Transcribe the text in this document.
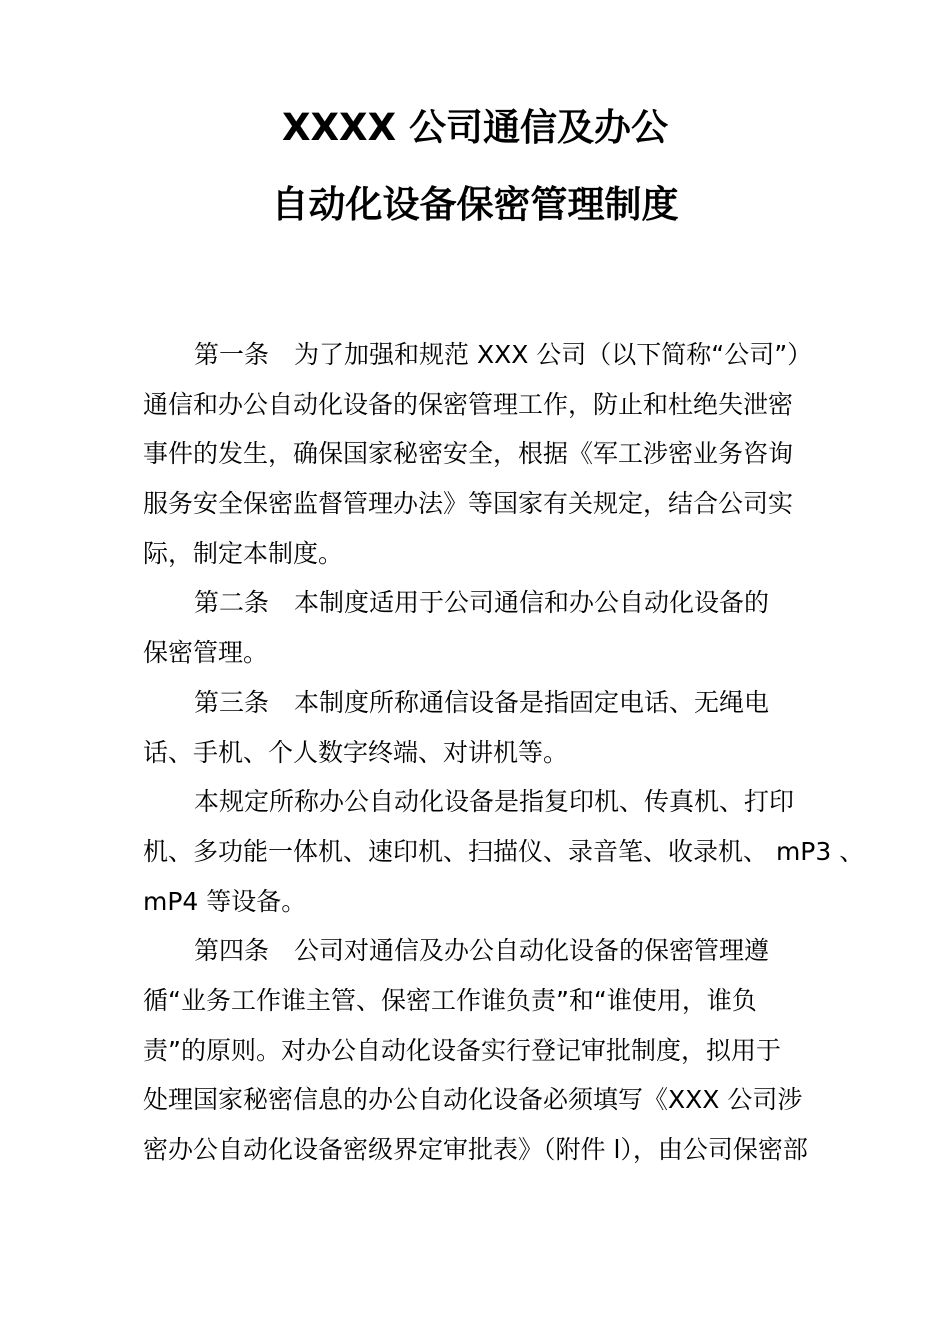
XXXX 公司通信及办公
自动化设备保密管理制度
第一条　为了加强和规范 XXX 公司（以下简称“公司”）
通信和办公自动化设备的保密管理工作，防止和杜绝失泄密
事件的发生，确保国家秘密安全，根据《军工涉密业务咨询
服务安全保密监督管理办法》等国家有关规定，结合公司实
际，制定本制度。
第二条　本制度适用于公司通信和办公自动化设备的
保密管理。
第三条　本制度所称通信设备是指固定电话、无绳电
话、手机、个人数字终端、对讲机等。
本规定所称办公自动化设备是指复印机、传真机、打印
机、多功能一体机、速印机、扫描仪、录音笔、收录机、 mP3 、
mP4 等设备。
第四条　公司对通信及办公自动化设备的保密管理遵
循“业务工作谁主管、保密工作谁负责”和“谁使用，谁负
责”的原则。对办公自动化设备实行登记审批制度，拟用于
处理国家秘密信息的办公自动化设备必须填写《XXX 公司涉
密办公自动化设备密级界定审批表》（附件 l），由公司保密部
